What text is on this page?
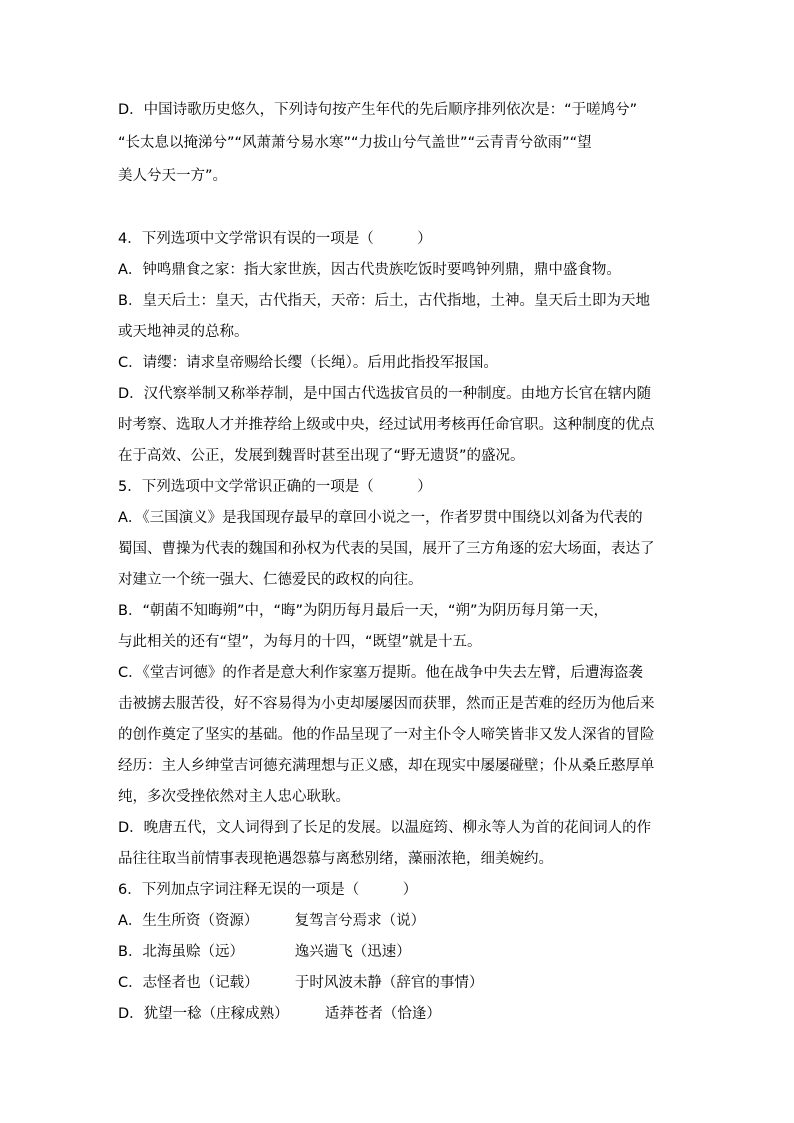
D．中国诗歌历史悠久，下列诗句按产生年代的先后顺序排列依次是：“于嗟鸠兮”
“长太息以掩涕兮”“风萧萧兮易水寒”“力拔山兮气盖世”“云青青兮欲雨”“望
美人兮天一方”。
4．下列选项中文学常识有误的一项是（　　　）
A．钟鸣鼎食之家：指大家世族，因古代贵族吃饭时要鸣钟列鼎，鼎中盛食物。
B．皇天后土：皇天，古代指天，天帝：后土，古代指地，土神。皇天后土即为天地
或天地神灵的总称。
C．请缨：请求皇帝赐给长缨（长绳）。后用此指投军报国。
D．汉代察举制又称举荐制，是中国古代选拔官员的一种制度。由地方长官在辖内随
时考察、选取人才并推荐给上级或中央，经过试用考核再任命官职。这种制度的优点
在于高效、公正，发展到魏晋时甚至出现了“野无遗贤”的盛况。
5．下列选项中文学常识正确的一项是（　　　）
A．《三国演义》是我国现存最早的章回小说之一，作者罗贯中围绕以刘备为代表的
蜀国、曹操为代表的魏国和孙权为代表的吴国，展开了三方角逐的宏大场面，表达了
对建立一个统一强大、仁德爱民的政权的向往。
B．“朝菌不知晦朔”中，“晦”为阴历每月最后一天，“朔”为阴历每月第一天，
与此相关的还有“望”，为每月的十四，“既望”就是十五。
C．《堂吉诃德》的作者是意大利作家塞万提斯。他在战争中失去左臂，后遭海盗袭
击被掳去服苦役，好不容易得为小吏却屡屡因而获罪，然而正是苦难的经历为他后来
的创作奠定了坚实的基础。他的作品呈现了一对主仆令人啼笑皆非又发人深省的冒险
经历：主人乡绅堂吉诃德充满理想与正义感，却在现实中屡屡碰壁；仆从桑丘憨厚单
纯，多次受挫依然对主人忠心耿耿。
D．晚唐五代，文人词得到了长足的发展。以温庭筠、柳永等人为首的花间词人的作
品往往取当前情事表现艳遇怨慕与离愁别绪，藻丽浓艳，细美婉约。
6．下列加点字词注释无误的一项是（　　　）
A．生生所资（资源）　　　复驾言兮焉求（说）
B．北海虽赊（远）　　　　逸兴遄飞（迅速）
C．志怪者也（记载）　　　于时风波未静（辞官的事情）
D．犹望一稔（庄稼成熟）　　　适莽苍者（恰逢）
